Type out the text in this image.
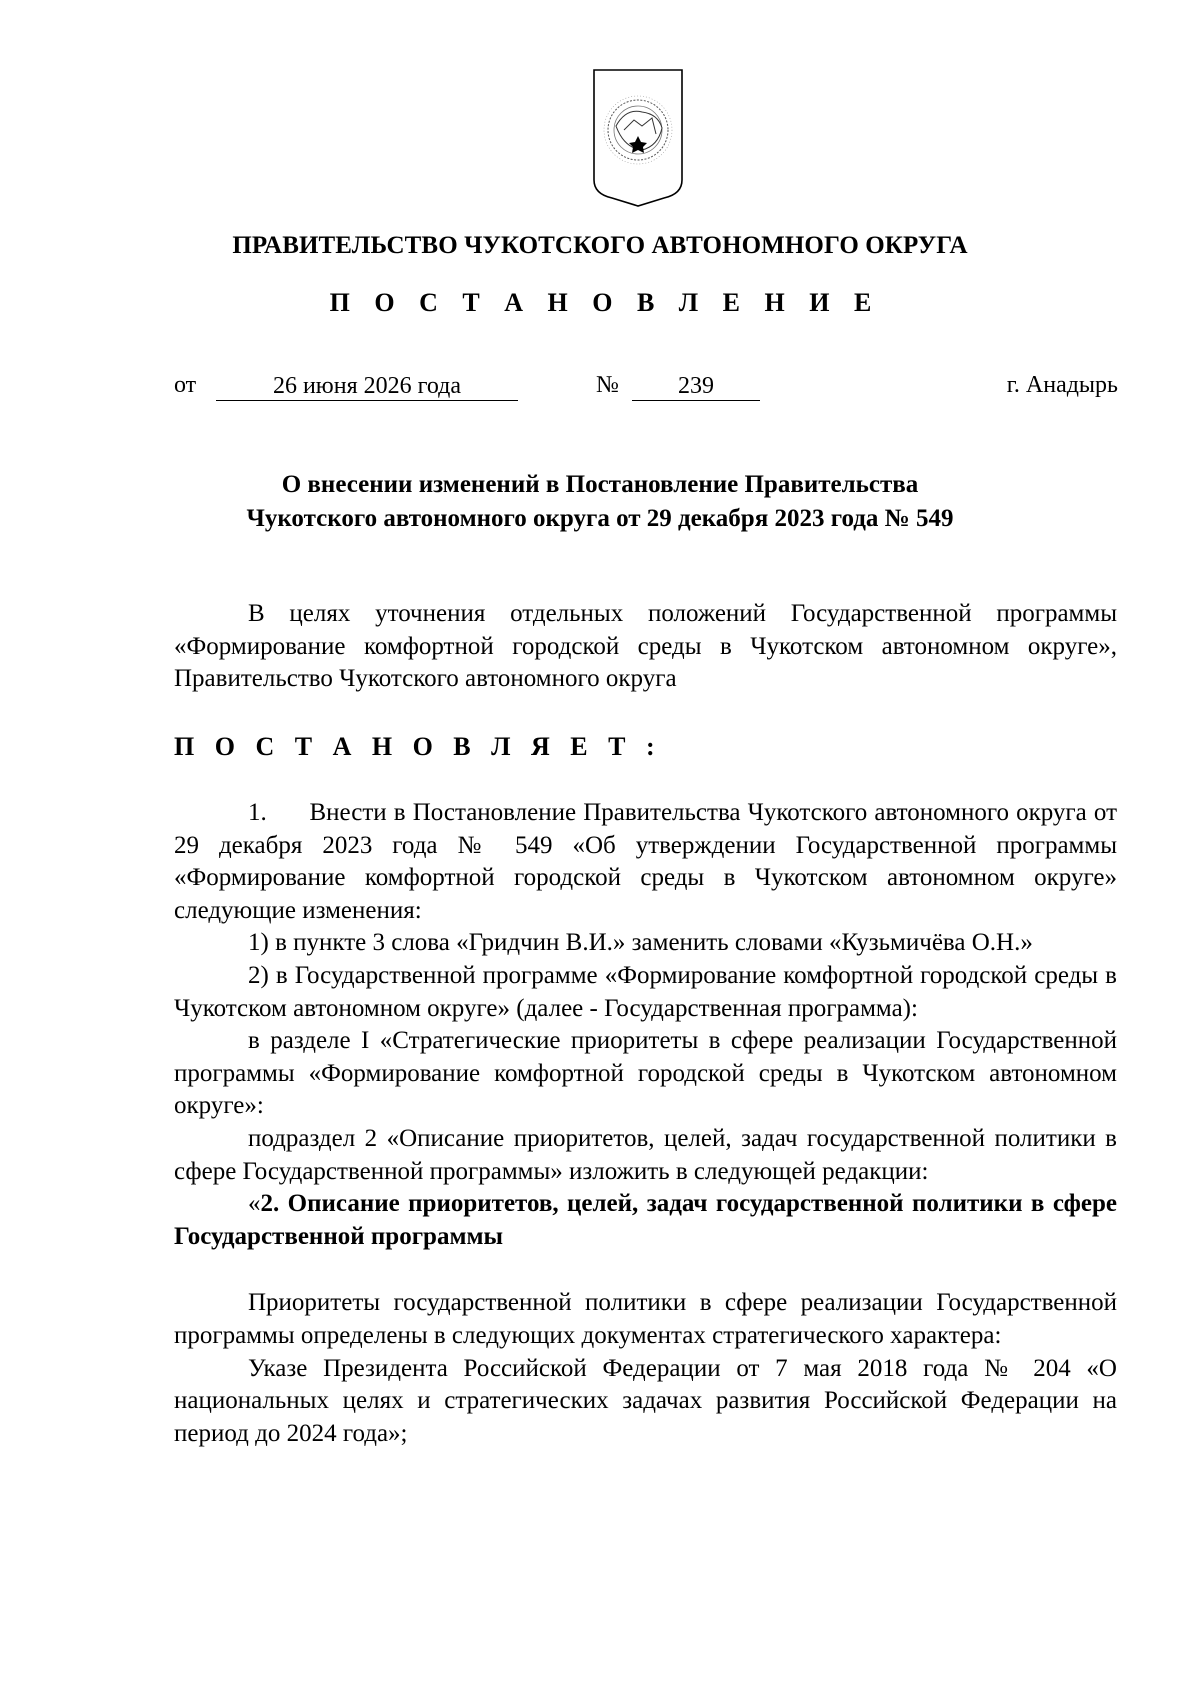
ПРАВИТЕЛЬСТВО ЧУКОТСКОГО АВТОНОМНОГО ОКРУГА
П О С Т А Н О В Л Е Н И Е
от	26 июня 2026 года	№	239	г. Анадырь
О внесении изменений в Постановление Правительства
Чукотского автономного округа от 29 декабря 2023 года № 549

В целях уточнения отдельных положений Государственной программы «Формирование комфортной городской среды в Чукотском автономном округе», Правительство Чукотского автономного округа

П О С Т А Н О В Л Я Е Т :

1.      Внести в Постановление Правительства Чукотского автономного округа от 29 декабря 2023 года № 549 «Об утверждении Государственной программы «Формирование комфортной городской среды в Чукотском автономном округе» следующие изменения:

1) в пункте 3 слова «Гридчин В.И.» заменить словами «Кузьмичёва О.Н.»

2) в Государственной программе «Формирование комфортной городской среды в Чукотском автономном округе» (далее - Государственная программа):

в разделе I «Стратегические приоритеты в сфере реализации Государственной программы «Формирование комфортной городской среды в Чукотском автономном округе»:

подраздел 2 «Описание приоритетов, целей, задач государственной политики в сфере Государственной программы» изложить в следующей редакции:

«2. Описание приоритетов, целей, задач государственной политики в сфере Государственной программы

Приоритеты государственной политики в сфере реализации Государственной программы определены в следующих документах стратегического характера:

Указе Президента Российской Федерации от 7 мая 2018 года № 204 «О национальных целях и стратегических задачах развития Российской Федерации на период до 2024 года»;
